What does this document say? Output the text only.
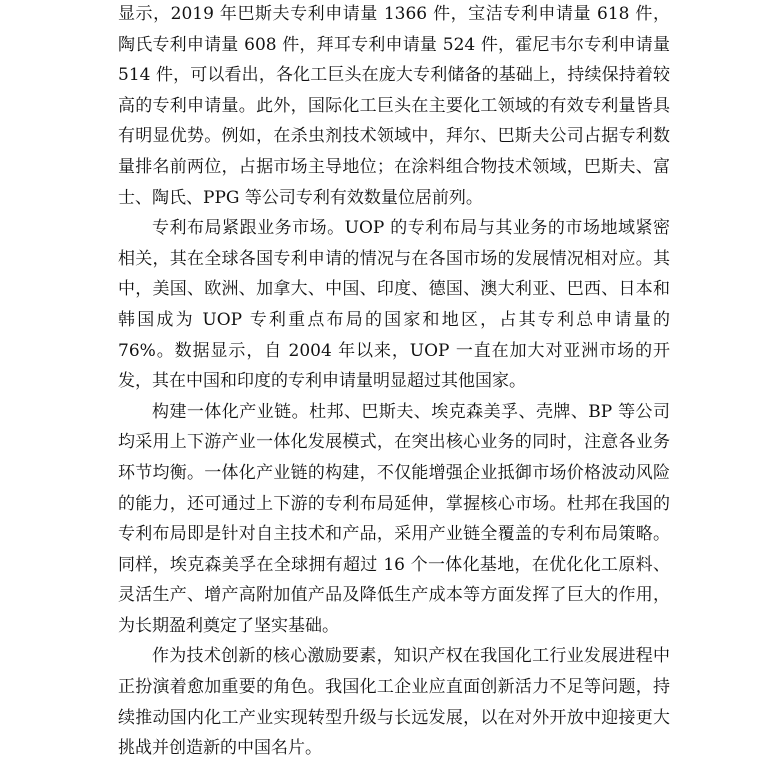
显示，2019 年巴斯夫专利申请量 1366 件，宝洁专利申请量 618 件，陶氏专利申请量 608 件，拜耳专利申请量 524 件，霍尼韦尔专利申请量 514 件，可以看出，各化工巨头在庞大专利储备的基础上，持续保持着较高的专利申请量。此外，国际化工巨头在主要化工领域的有效专利量皆具有明显优势。例如，在杀虫剂技术领域中，拜尔、巴斯夫公司占据专利数量排名前两位，占据市场主导地位；在涂料组合物技术领域，巴斯夫、富士、陶氏、PPG 等公司专利有效数量位居前列。

专利布局紧跟业务市场。UOP 的专利布局与其业务的市场地域紧密相关，其在全球各国专利申请的情况与在各国市场的发展情况相对应。其中，美国、欧洲、加拿大、中国、印度、德国、澳大利亚、巴西、日本和韩国成为 UOP 专利重点布局的国家和地区，占其专利总申请量的 76%。数据显示，自 2004 年以来，UOP 一直在加大对亚洲市场的开发，其在中国和印度的专利申请量明显超过其他国家。

构建一体化产业链。杜邦、巴斯夫、埃克森美孚、壳牌、BP 等公司均采用上下游产业一体化发展模式，在突出核心业务的同时，注意各业务环节均衡。一体化产业链的构建，不仅能增强企业抵御市场价格波动风险的能力，还可通过上下游的专利布局延伸，掌握核心市场。杜邦在我国的专利布局即是针对自主技术和产品，采用产业链全覆盖的专利布局策略。同样，埃克森美孚在全球拥有超过 16 个一体化基地，在优化化工原料、灵活生产、增产高附加值产品及降低生产成本等方面发挥了巨大的作用，为长期盈利奠定了坚实基础。

作为技术创新的核心激励要素，知识产权在我国化工行业发展进程中正扮演着愈加重要的角色。我国化工企业应直面创新活力不足等问题，持续推动国内化工产业实现转型升级与长远发展，以在对外开放中迎接更大挑战并创造新的中国名片。
